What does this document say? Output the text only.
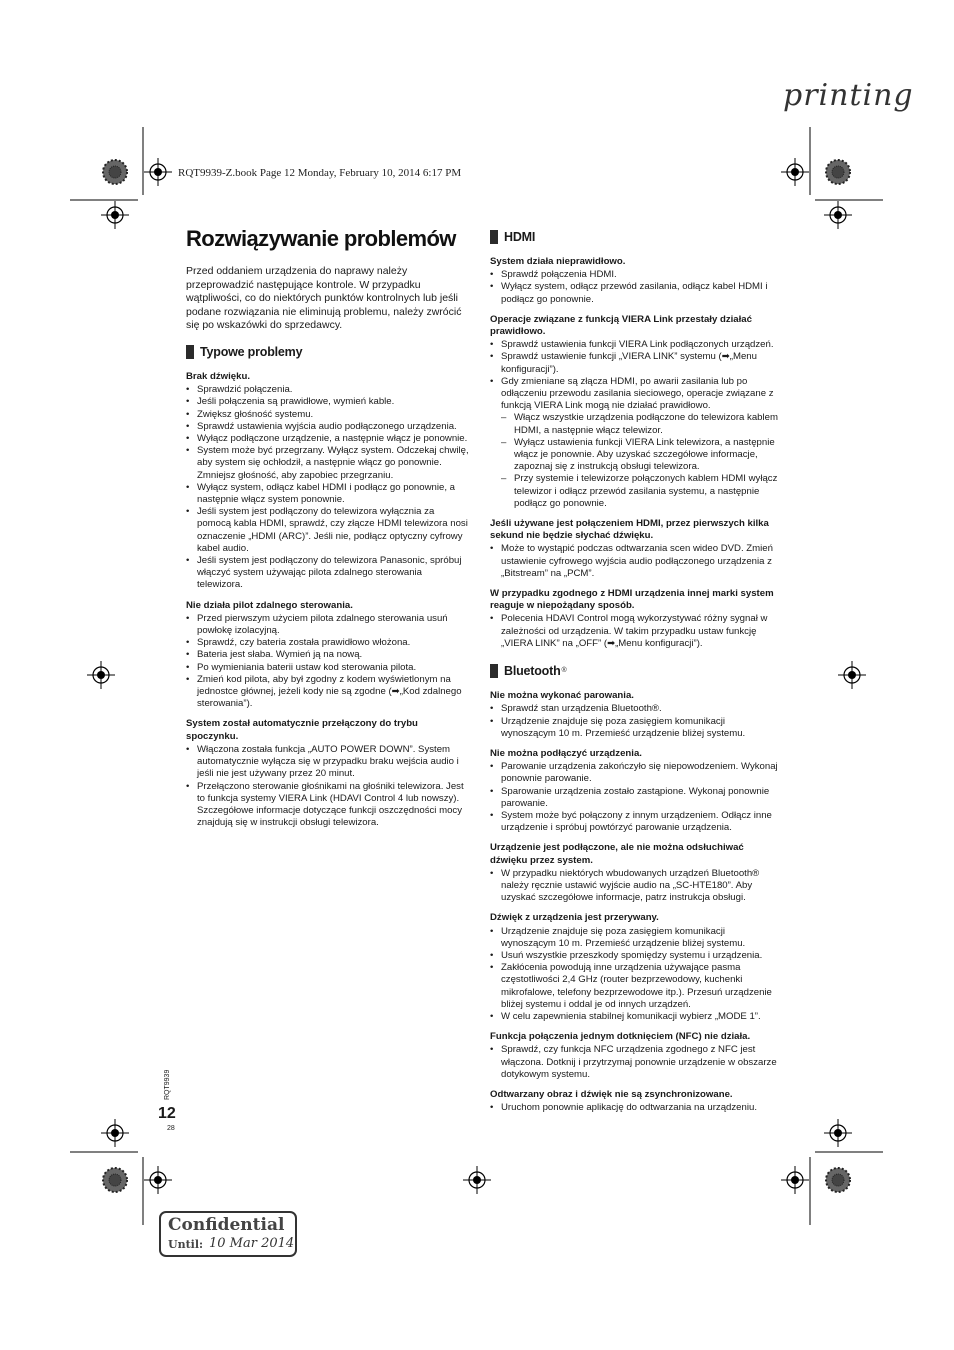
printing
RQT9939-Z.book Page 12 Monday, February 10, 2014 6:17 PM
Rozwiązywanie problemów
Przed oddaniem urządzenia do naprawy należy przeprowadzić następujące kontrole. W przypadku wątpliwości, co do niektórych punktów kontrolnych lub jeśli podane rozwiązania nie eliminują problemu, należy zwrócić się po wskazówki do sprzedawcy.
Typowe problemy
Brak dźwięku.
• Sprawdzić połączenia.
• Jeśli połączenia są prawidłowe, wymień kable.
• Zwiększ głośność systemu.
• Sprawdź ustawienia wyjścia audio podłączonego urządzenia.
• Wyłącz podłączone urządzenie, a następnie włącz je ponownie.
• System może być przegrzany. Wyłącz system. Odczekaj chwilę, aby system się ochłodził, a następnie włącz go ponownie. Zmniejsz głośność, aby zapobiec przegrzaniu.
• Wyłącz system, odłącz kabel HDMI i podłącz go ponownie, a następnie włącz system ponownie.
• Jeśli system jest podłączony do telewizora wyłącznia za pomocą kabla HDMI, sprawdź, czy złącze HDMI telewizora nosi oznaczenie „HDMI (ARC)”. Jeśli nie, podłącz optyczny cyfrowy kabel audio.
• Jeśli system jest podłączony do telewizora Panasonic, spróbuj włączyć system używając pilota zdalnego sterowania telewizora.
Nie działa pilot zdalnego sterowania.
• Przed pierwszym użyciem pilota zdalnego sterowania usuń powłokę izolacyjną.
• Sprawdź, czy bateria została prawidłowo włożona.
• Bateria jest słaba. Wymień ją na nową.
• Po wymieniania baterii ustaw kod sterowania pilota.
• Zmień kod pilota, aby był zgodny z kodem wyświetlonym na jednostce głównej, jeżeli kody nie są zgodne (➡„Kod zdalnego sterowania”).
System został automatycznie przełączony do trybu spoczynku.
• Włączona została funkcja „AUTO POWER DOWN”. System automatycznie wyłącza się w przypadku braku wejścia audio i jeśli nie jest używany przez 20 minut.
• Przełączono sterowanie głośnikami na głośniki telewizora. Jest to funkcja systemy VIERA Link (HDAVI Control 4 lub nowszy). Szczegółowe informacje dotyczące funkcji oszczędności mocy znajdują się w instrukcji obsługi telewizora.
HDMI
System działa nieprawidłowo.
• Sprawdź połączenia HDMI.
• Wyłącz system, odłącz przewód zasilania, odłącz kabel HDMI i podłącz go ponownie.
Operacje związane z funkcją VIERA Link przestały działać prawidłowo.
• Sprawdź ustawienia funkcji VIERA Link podłączonych urządzeń.
• Sprawdź ustawienie funkcji „VIERA LINK” systemu (➡„Menu konfiguracji”).
• Gdy zmieniane są złącza HDMI, po awarii zasilania lub po odłączeniu przewodu zasilania sieciowego, operacje związane z funkcją VIERA Link mogą nie działać prawidłowo.
– Włącz wszystkie urządzenia podłączone do telewizora kablem HDMI, a następnie włącz telewizor.
– Wyłącz ustawienia funkcji VIERA Link telewizora, a następnie włącz je ponownie. Aby uzyskać szczegółowe informacje, zapoznaj się z instrukcją obsługi telewizora.
– Przy systemie i telewizorze połączonych kablem HDMI wyłącz telewizor i odłącz przewód zasilania systemu, a następnie podłącz go ponownie.
Jeśli używane jest połączeniem HDMI, przez pierwszych kilka sekund nie będzie słychać dźwięku.
• Może to wystąpić podczas odtwarzania scen wideo DVD. Zmień ustawienie cyfrowego wyjścia audio podłączonego urządzenia z „Bitstream” na „PCM”.
W przypadku zgodnego z HDMI urządzenia innej marki system reaguje w niepożądany sposób.
• Polecenia HDAVI Control mogą wykorzystywać różny sygnał w zależności od urządzenia. W takim przypadku ustaw funkcję „VIERA LINK” na „OFF” (➡„Menu konfiguracji”).
Bluetooth ®
Nie można wykonać parowania.
• Sprawdź stan urządzenia Bluetooth®.
• Urządzenie znajduje się poza zasięgiem komunikacji wynoszącym 10 m. Przemieść urządzenie bliżej systemu.
Nie można podłączyć urządzenia.
• Parowanie urządzenia zakończyło się niepowodzeniem. Wykonaj ponownie parowanie.
• Sparowanie urządzenia zostało zastąpione. Wykonaj ponownie parowanie.
• System może być połączony z innym urządzeniem. Odłącz inne urządzenie i spróbuj powtórzyć parowanie urządzenia.
Urządzenie jest podłączone, ale nie można odsłuchiwać dźwięku przez system.
• W przypadku niektórych wbudowanych urządzeń Bluetooth® należy ręcznie ustawić wyjście audio na „SC-HTE180”. Aby uzyskać szczegółowe informacje, patrz instrukcja obsługi.
Dźwięk z urządzenia jest przerywany.
• Urządzenie znajduje się poza zasięgiem komunikacji wynoszącym 10 m. Przemieść urządzenie bliżej systemu.
• Usuń wszystkie przeszkody spomiędzy systemu i urządzenia.
• Zakłócenia powodują inne urządzenia używające pasma częstotliwości 2,4 GHz (router bezprzewodowy, kuchenki mikrofalowe, telefony bezprzewodowe itp.). Przesuń urządzenie bliżej systemu i oddal je od innych urządzeń.
• W celu zapewnienia stabilnej komunikacji wybierz „MODE 1”.
Funkcja połączenia jednym dotknięciem (NFC) nie działa.
• Sprawdź, czy funkcja NFC urządzenia zgodnego z NFC jest włączona. Dotknij i przytrzymaj ponownie urządzenie w obszarze dotykowym systemu.
Odtwarzany obraz i dźwięk nie są zsynchronizowane.
• Uruchom ponownie aplikację do odtwarzania na urządzeniu.
RQT9939
12
28
Confidential
Until: 10 Mar 2014
